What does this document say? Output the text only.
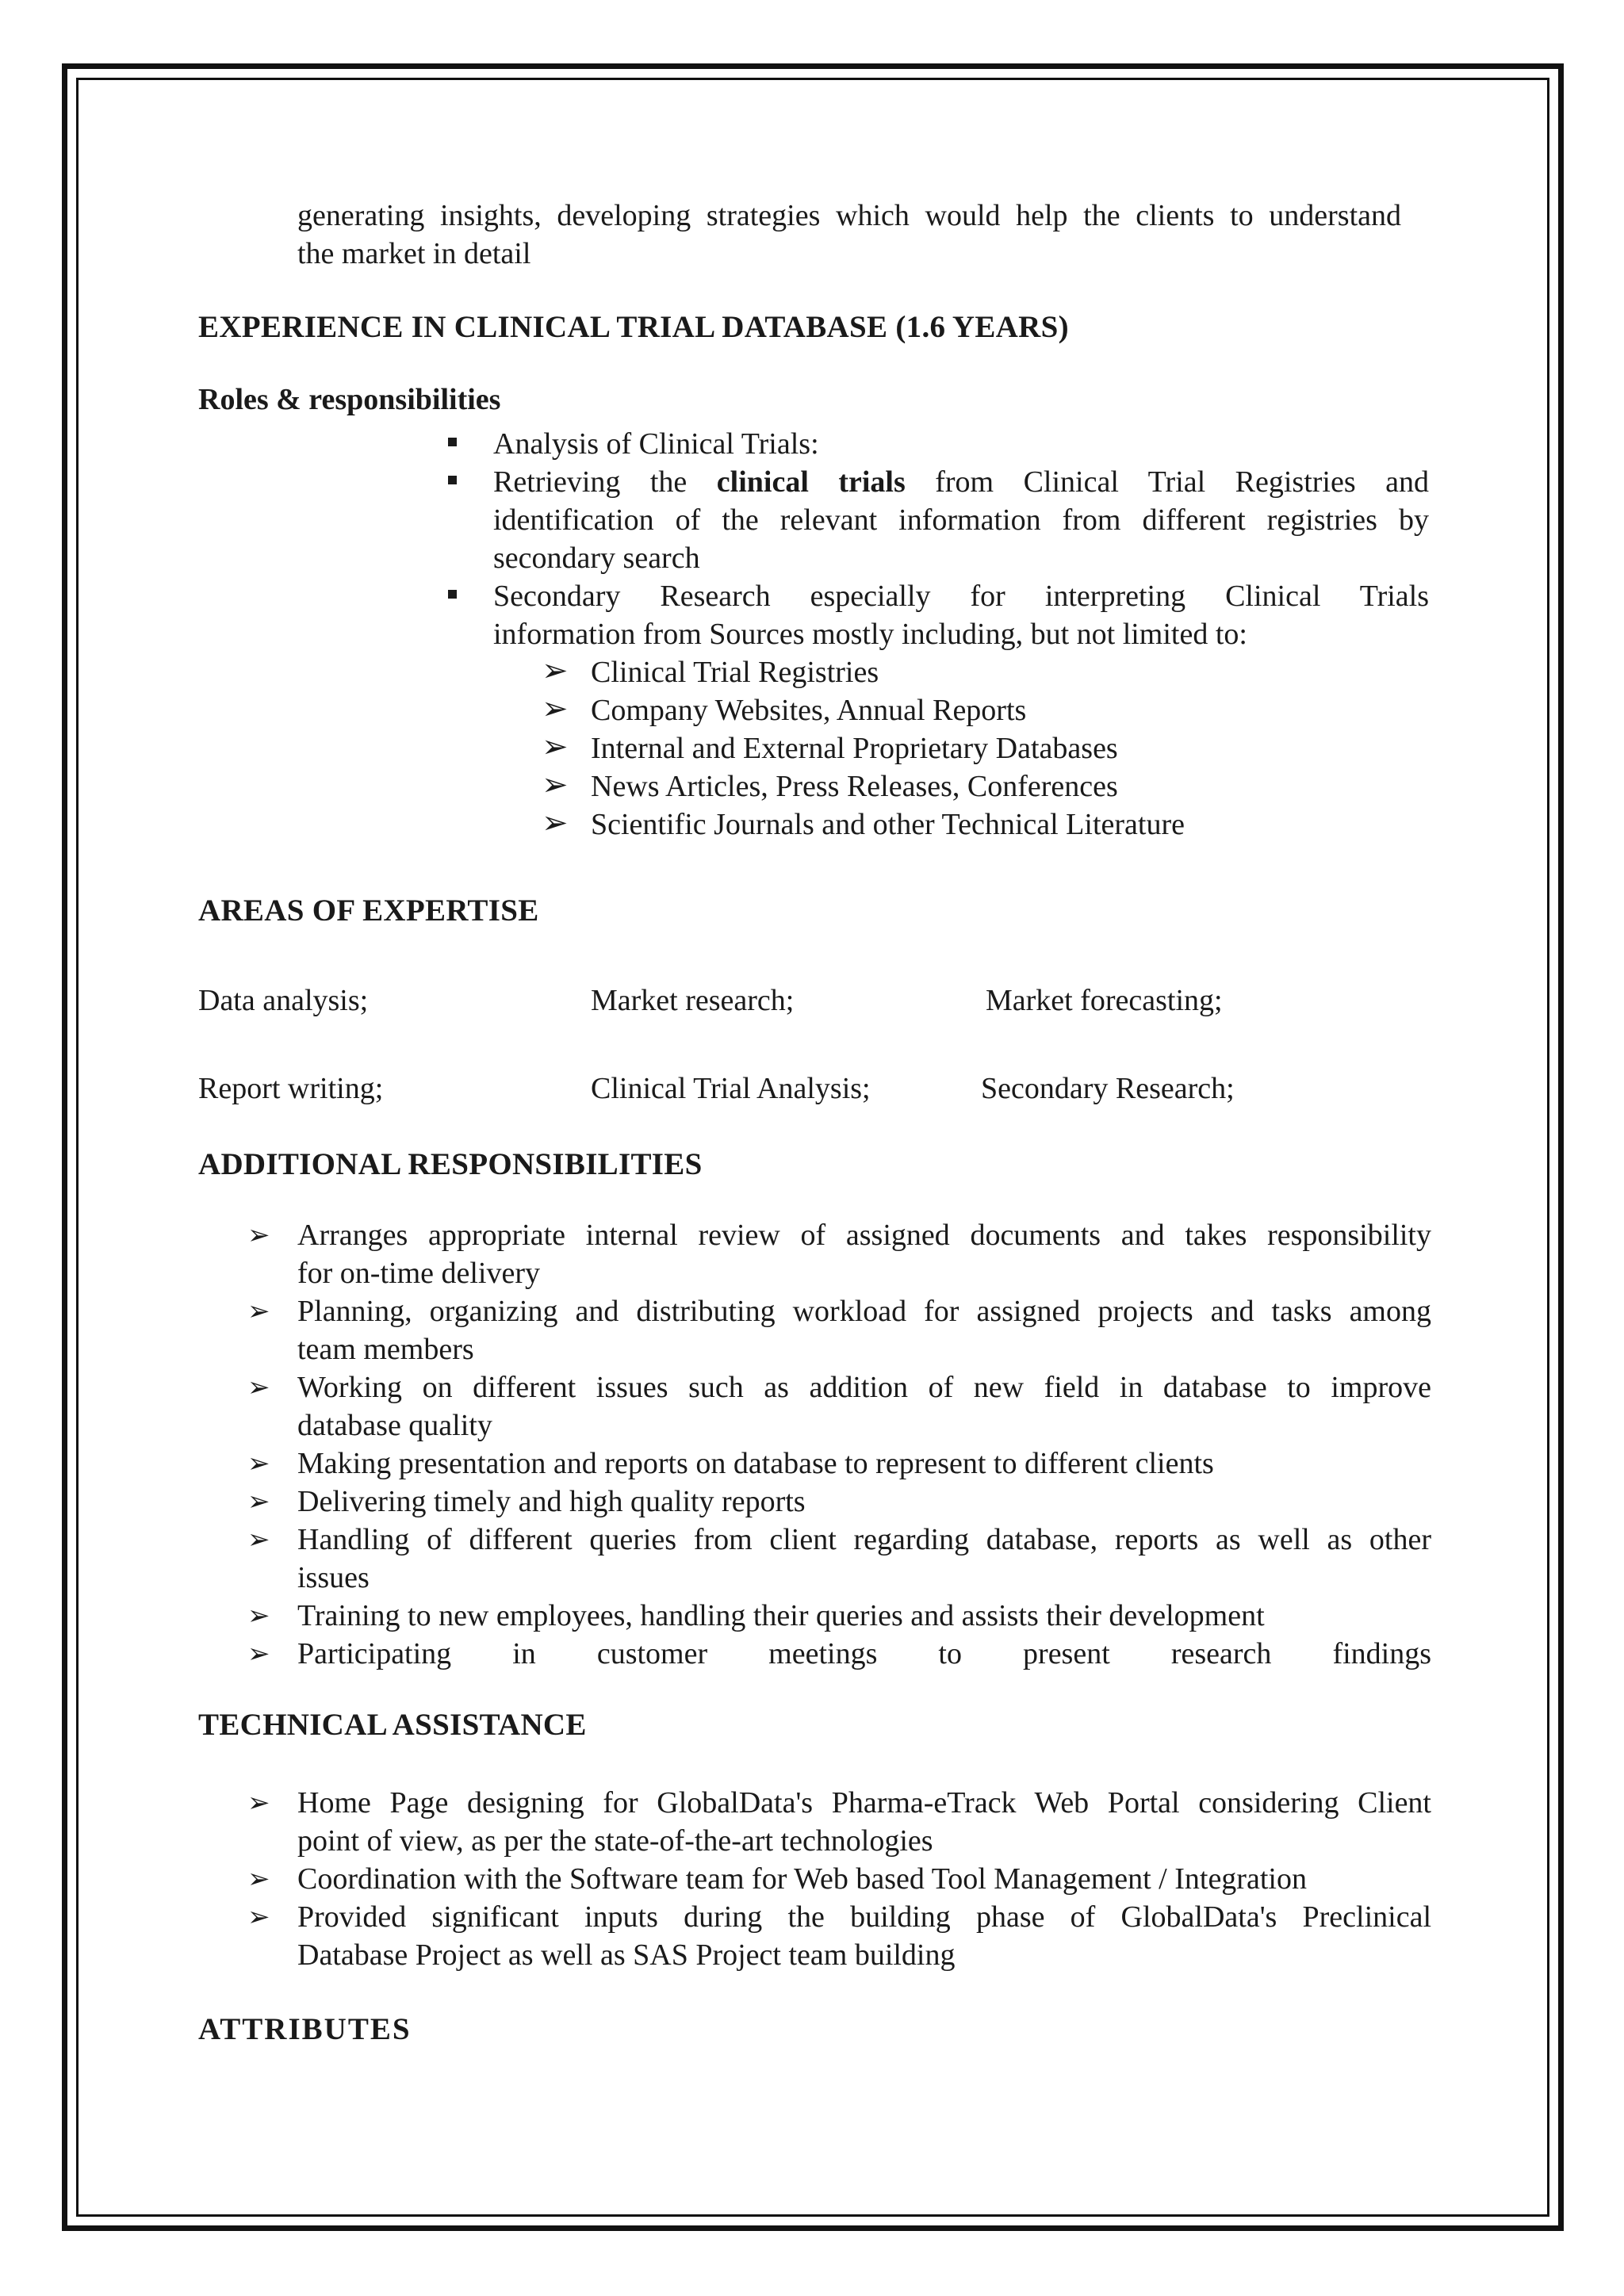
generating insights, developing strategies which would help the clients to understand

the market in detail
EXPERIENCE IN CLINICAL TRIAL DATABASE (1.6 YEARS)
Roles & responsibilities
Analysis of Clinical Trials:

Retrieving the clinical trials from Clinical Trial Registries and

identification of the relevant information from different registries by

secondary search

Secondary Research especially for interpreting Clinical Trials

information from Sources mostly including, but not limited to:
➢ Clinical Trial Registries
➢ Company Websites, Annual Reports
➢ Internal and External Proprietary Databases
➢ News Articles, Press Releases, Conferences
➢ Scientific Journals and other Technical Literature
AREAS OF EXPERTISE
Data analysis;	Market research;	Market forecasting;
Report writing;	Clinical Trial Analysis;	Secondary Research;
ADDITIONAL RESPONSIBILITIES
➢ Arranges appropriate internal review of assigned documents and takes responsibility

for on-time delivery
➢ Planning, organizing and distributing workload for assigned projects and tasks among

team members
➢ Working on different issues such as addition of new field in database to improve

database quality
➢ Making presentation and reports on database to represent to different clients
➢ Delivering timely and high quality reports
➢ Handling of different queries from client regarding database, reports as well as other

issues
➢ Training to new employees, handling their queries and assists their development
➢ Participating in customer meetings to present research findings

TECHNICAL ASSISTANCE
➢ Home Page designing for GlobalData's Pharma-eTrack Web Portal considering Client

point of view, as per the state-of-the-art technologies
➢ Coordination with the Software team for Web based Tool Management / Integration
➢ Provided significant inputs during the building phase of GlobalData's Preclinical

Database Project as well as SAS Project team building
ATTRIBUTES
